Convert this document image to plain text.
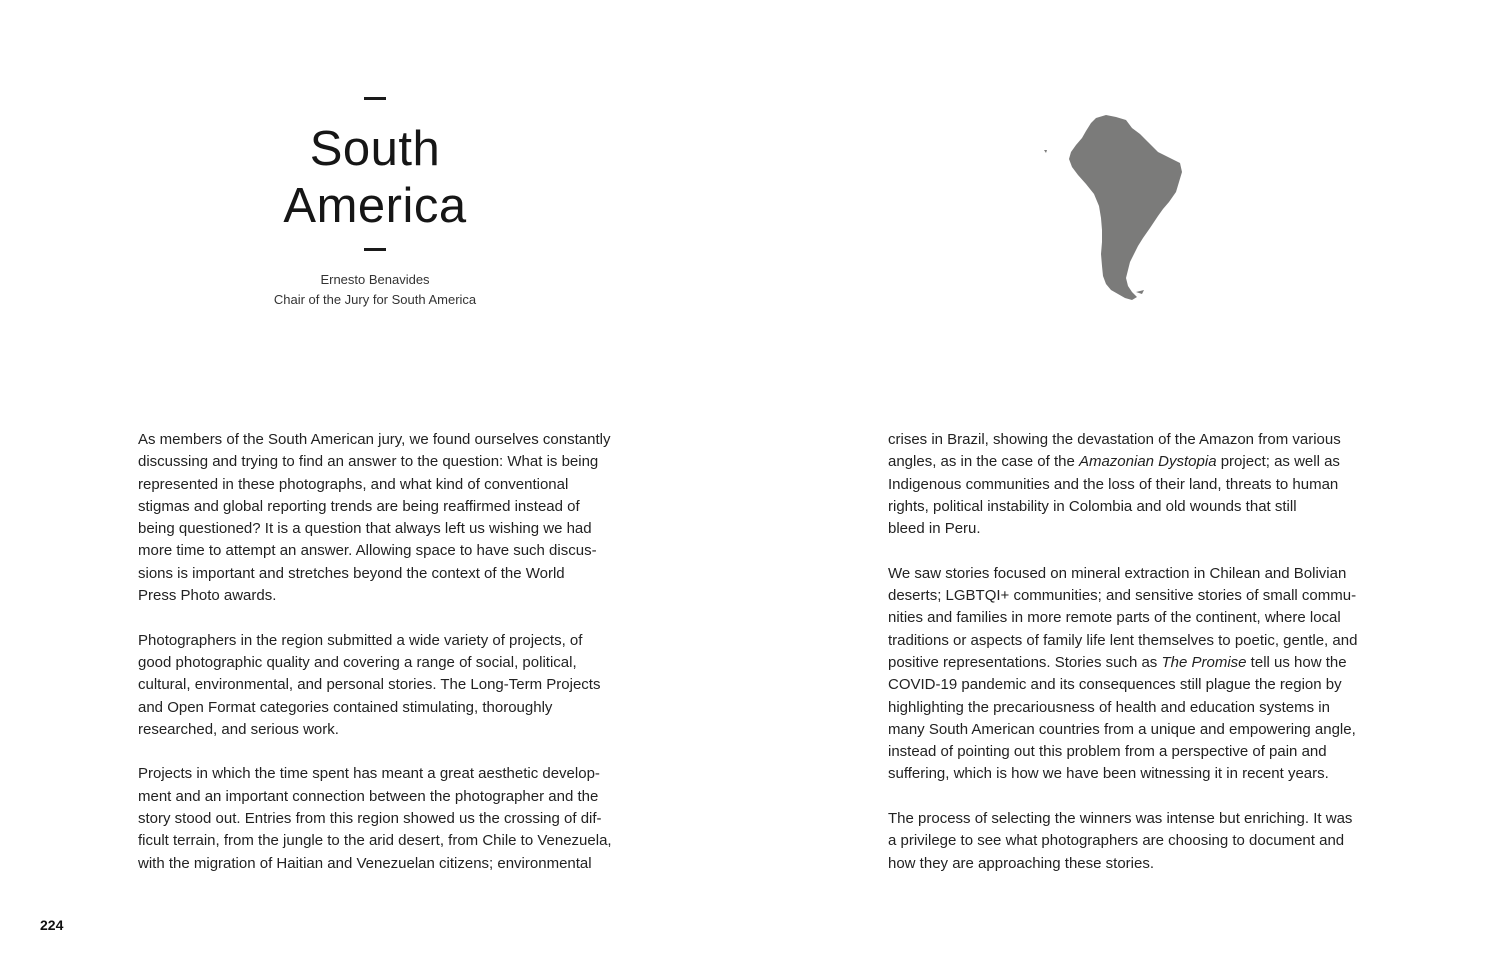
South
America
Ernesto Benavides
Chair of the Jury for South America

As members of the South American jury, we found ourselves constantly
discussing and trying to find an answer to the question: What is being
represented in these photographs, and what kind of conventional
stigmas and global reporting trends are being reaffirmed instead of
being questioned? It is a question that always left us wishing we had
more time to attempt an answer. Allowing space to have such discus-
sions is important and stretches beyond the context of the World
Press Photo awards.

Photographers in the region submitted a wide variety of projects, of
good photographic quality and covering a range of social, political,
cultural, environmental, and personal stories. The Long-Term Projects
and Open Format categories contained stimulating, thoroughly
researched, and serious work.

Projects in which the time spent has meant a great aesthetic develop-
ment and an important connection between the photographer and the
story stood out. Entries from this region showed us the crossing of dif-
ficult terrain, from the jungle to the arid desert, from Chile to Venezuela,
with the migration of Haitian and Venezuelan citizens; environmental

crises in Brazil, showing the devastation of the Amazon from various
angles, as in the case of the Amazonian Dystopia project; as well as
Indigenous communities and the loss of their land, threats to human
rights, political instability in Colombia and old wounds that still
bleed in Peru.

We saw stories focused on mineral extraction in Chilean and Bolivian
deserts; LGBTQI+ communities; and sensitive stories of small commu-
nities and families in more remote parts of the continent, where local
traditions or aspects of family life lent themselves to poetic, gentle, and
positive representations. Stories such as The Promise tell us how the
COVID-19 pandemic and its consequences still plague the region by
highlighting the precariousness of health and education systems in
many South American countries from a unique and empowering angle,
instead of pointing out this problem from a perspective of pain and
suffering, which is how we have been witnessing it in recent years.

The process of selecting the winners was intense but enriching. It was
a privilege to see what photographers are choosing to document and
how they are approaching these stories.

224
